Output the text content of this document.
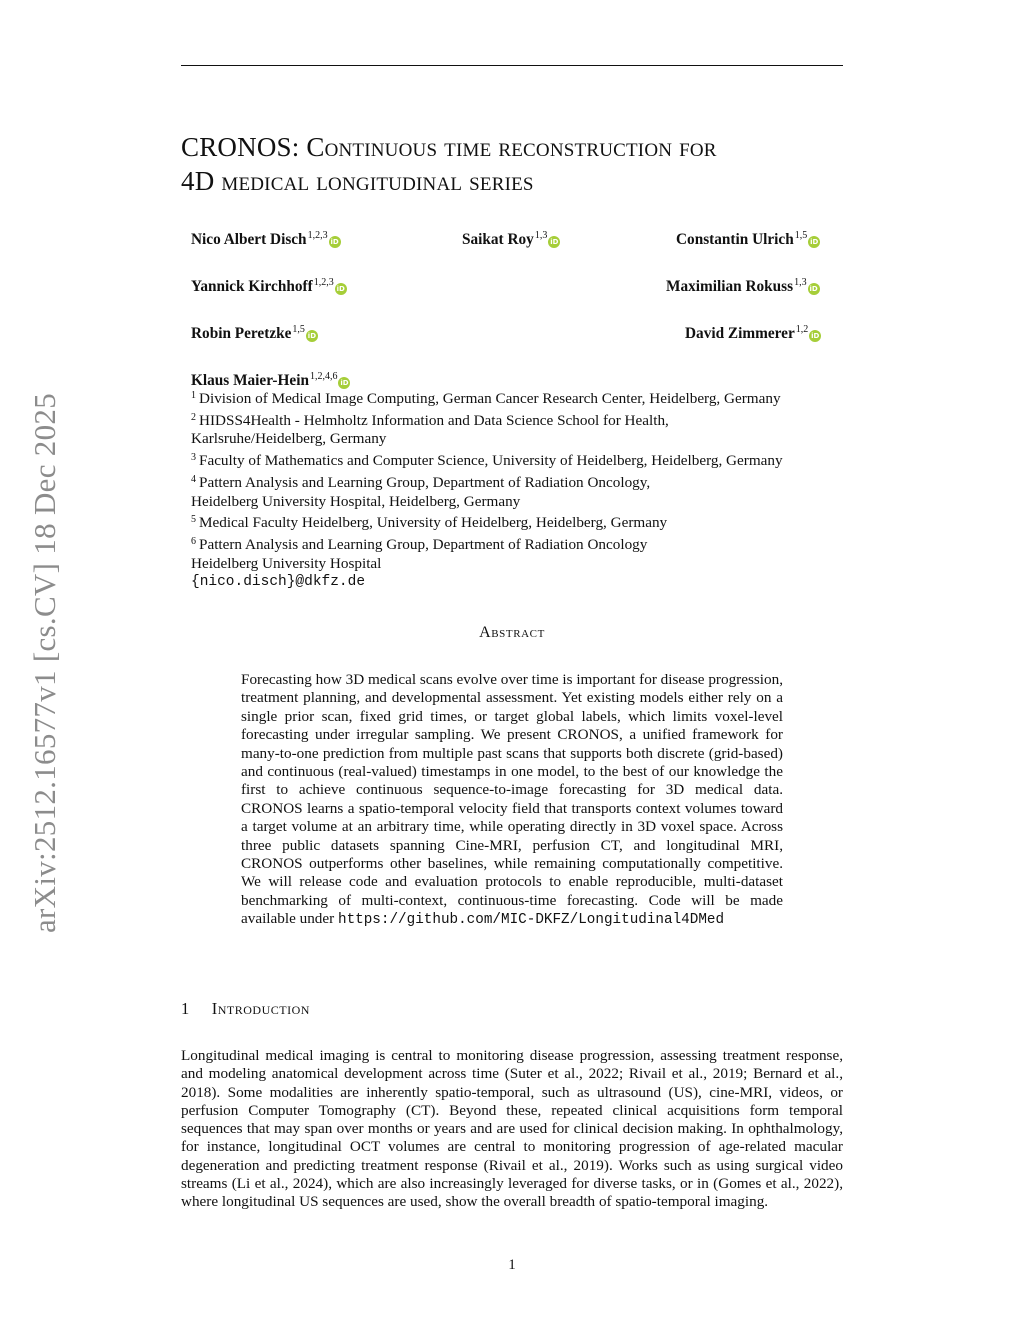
arXiv:2512.16577v1 [cs.CV] 18 Dec 2025
CRONOS: Continuous time reconstruction for
4D medical longitudinal series
Nico Albert Disch$^{1,2,3}$iD	Saikat Roy$^{1,3}$iD	Constantin Ulrich$^{1,5}$iD
Yannick Kirchhoff$^{1,2,3}$iD	Maximilian Rokuss$^{1,3}$iD
Robin Peretzke$^{1,5}$iD	David Zimmerer$^{1,2}$iD
Klaus Maier-Hein$^{1,2,4,6}$iD
$^1$ Division of Medical Image Computing, German Cancer Research Center, Heidelberg, Germany
$^2$ HIDSS4Health - Helmholtz Information and Data Science School for Health,
Karlsruhe/Heidelberg, Germany
$^3$ Faculty of Mathematics and Computer Science, University of Heidelberg, Heidelberg, Germany
$^4$ Pattern Analysis and Learning Group, Department of Radiation Oncology,
Heidelberg University Hospital, Heidelberg, Germany
$^5$ Medical Faculty Heidelberg, University of Heidelberg, Heidelberg, Germany
$^6$ Pattern Analysis and Learning Group, Department of Radiation Oncology
Heidelberg University Hospital
{nico.disch}@dkfz.de
Abstract
Forecasting how 3D medical scans evolve over time is important for disease progression, treatment planning, and developmental assessment. Yet existing models either rely on a single prior scan, fixed grid times, or target global labels, which limits voxel-level forecasting under irregular sampling. We present CRONOS, a unified framework for many-to-one prediction from multiple past scans that supports both discrete (grid-based) and continuous (real-valued) timestamps in one model, to the best of our knowledge the first to achieve continuous sequence-to-image forecasting for 3D medical data. CRONOS learns a spatio-temporal velocity field that transports context volumes toward a target volume at an arbitrary time, while operating directly in 3D voxel space. Across three public datasets spanning Cine-MRI, perfusion CT, and longitudinal MRI, CRONOS outperforms other baselines, while remaining computationally competitive. We will release code and evaluation protocols to enable reproducible, multi-dataset benchmarking of multi-context, continuous-time forecasting. Code will be made available under https://github.com/MIC-DKFZ/Longitudinal4DMed
1 Introduction
Longitudinal medical imaging is central to monitoring disease progression, assessing treatment response, and modeling anatomical development across time (Suter et al., 2022; Rivail et al., 2019; Bernard et al., 2018). Some modalities are inherently spatio-temporal, such as ultrasound (US), cine-MRI, videos, or perfusion Computer Tomography (CT). Beyond these, repeated clinical acquisitions form temporal sequences that may span over months or years and are used for clinical decision making. In ophthalmology, for instance, longitudinal OCT volumes are central to monitoring progression of age-related macular degeneration and predicting treatment response (Rivail et al., 2019). Works such as using surgical video streams (Li et al., 2024), which are also increasingly leveraged for diverse tasks, or in (Gomes et al., 2022), where longitudinal US sequences are used, show the overall breadth of spatio-temporal imaging.
1
